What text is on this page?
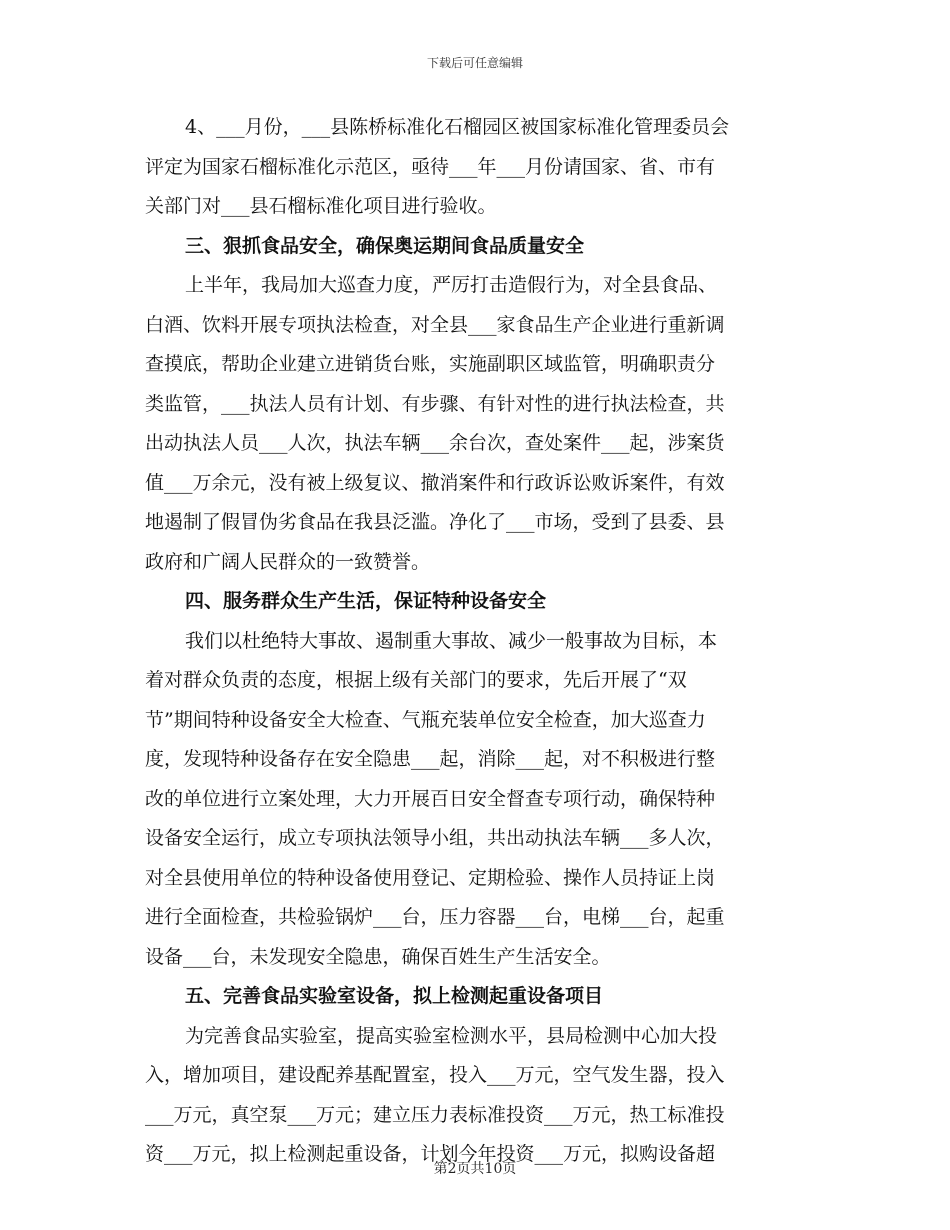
下载后可任意编辑
4、___月份，___县陈桥标准化石榴园区被国家标准化管理委员会
评定为国家石榴标准化示范区，亟待___年___月份请国家、省、市有
关部门对___县石榴标准化项目进行验收。
三、狠抓食品安全，确保奥运期间食品质量安全
上半年，我局加大巡查力度，严厉打击造假行为，对全县食品、
白酒、饮料开展专项执法检查，对全县___家食品生产企业进行重新调
查摸底，帮助企业建立进销货台账，实施副职区域监管，明确职责分
类监管，___执法人员有计划、有步骤、有针对性的进行执法检查，共
出动执法人员___人次，执法车辆___余台次，查处案件___起，涉案货
值___万余元，没有被上级复议、撤消案件和行政诉讼败诉案件，有效
地遏制了假冒伪劣食品在我县泛滥。净化了___市场，受到了县委、县
政府和广阔人民群众的一致赞誉。
四、服务群众生产生活，保证特种设备安全
我们以杜绝特大事故、遏制重大事故、减少一般事故为目标，本
着对群众负责的态度，根据上级有关部门的要求，先后开展了“双
节”期间特种设备安全大检查、气瓶充装单位安全检查，加大巡查力
度，发现特种设备存在安全隐患___起，消除___起，对不积极进行整
改的单位进行立案处理，大力开展百日安全督查专项行动，确保特种
设备安全运行，成立专项执法领导小组，共出动执法车辆___多人次，
对全县使用单位的特种设备使用登记、定期检验、操作人员持证上岗
进行全面检查，共检验锅炉___台，压力容器___台，电梯___台，起重
设备___台，未发现安全隐患，确保百姓生产生活安全。
五、完善食品实验室设备，拟上检测起重设备项目
为完善食品实验室，提高实验室检测水平，县局检测中心加大投
入，增加项目，建设配养基配置室，投入___万元，空气发生器，投入
___万元，真空泵___万元；建立压力表标准投资___万元，热工标准投
资___万元，拟上检测起重设备，计划今年投资___万元，拟购设备超
第2页共10页
